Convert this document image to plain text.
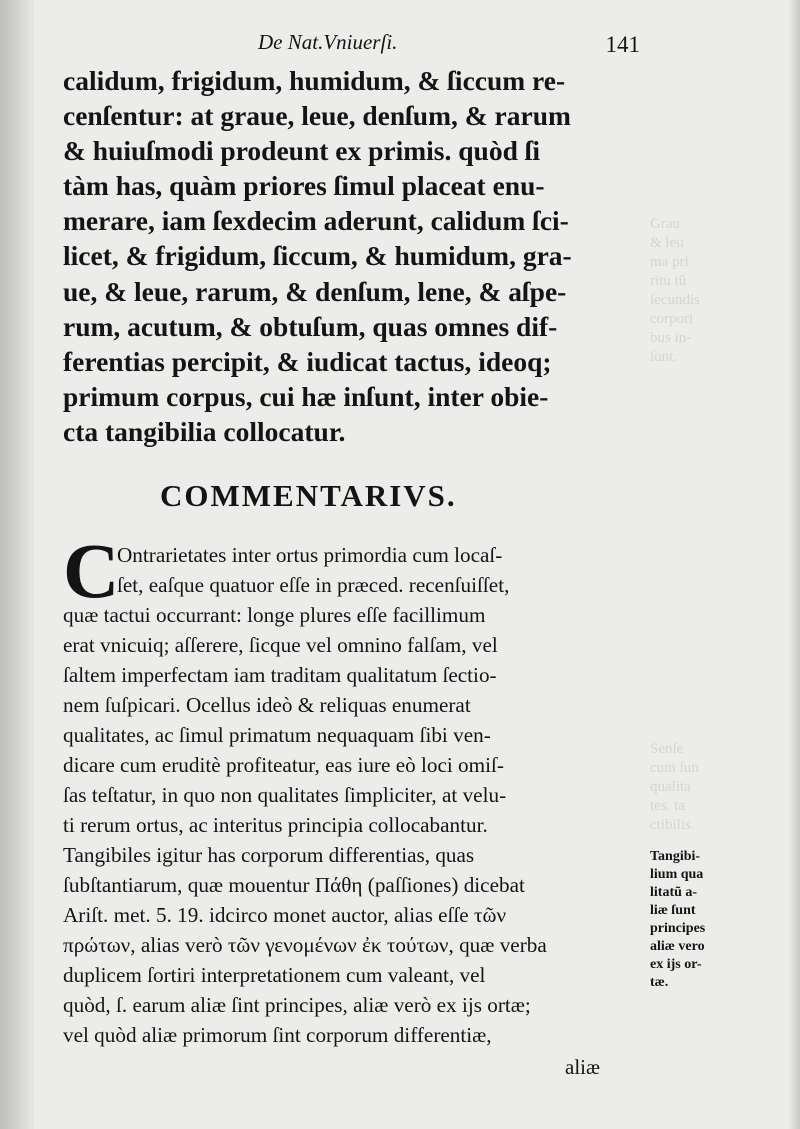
Grau
& leu
ma pri
ritu tũ
ſecundis
corpori
bus in-
ſunt.
Senſe
cum ſun
qualita
tes. ta
ctibilis.
De Nat.Vniuerſi.	141
calidum, frigidum, humidum, & ſiccum re-
cenſentur: at graue, leue, denſum, & rarum
& huiuſmodi prodeunt ex primis. quòd ſi
tàm has, quàm priores ſimul placeat enu-
merare, iam ſexdecim aderunt, calidum ſci-
licet, & frigidum, ſiccum, & humidum, gra-
ue, & leue, rarum, & denſum, lene, & aſpe-
rum, acutum, & obtuſum, quas omnes dif-
ferentias percipit, & iudicat tactus, ideoq;
primum corpus, cui hæ inſunt, inter obie-
cta tangibilia collocatur.
COMMENTARIVS.
C
Ontrarietates inter ortus primordia cum locaſ-
ſet, eaſque quatuor eſſe in præced. recenſuiſſet,
quæ tactui occurrant: longe plures eſſe facillimum
erat vnicuiq; aſſerere, ſicque vel omnino falſam, vel
ſaltem imperfectam iam traditam qualitatum ſectio-
nem ſuſpicari. Ocellus ideò & reliquas enumerat
qualitates, ac ſimul primatum nequaquam ſibi ven-
dicare cum eruditè profiteatur, eas iure eò loci omiſ-
ſas teſtatur, in quo non qualitates ſimpliciter, at velu-
ti rerum ortus, ac interitus principia collocabantur.
Tangibiles igitur has corporum differentias, quas
ſubſtantiarum, quæ mouentur Πάθη (paſſiones) dicebat
Ariſt. met. 5. 19. idcirco monet auctor, alias eſſe τῶν
πρώτων, alias verò τῶν γενομένων ἐκ τούτων, quæ verba
duplicem ſortiri interpretationem cum valeant, vel
quòd, ſ. earum aliæ ſint principes, aliæ verò ex ijs ortæ;
vel quòd aliæ primorum ſint corporum differentiæ,
aliæ
Tangibi-
lium qua
litatũ a-
liæ ſunt
principes
aliæ vero
ex ijs or-
tæ.
